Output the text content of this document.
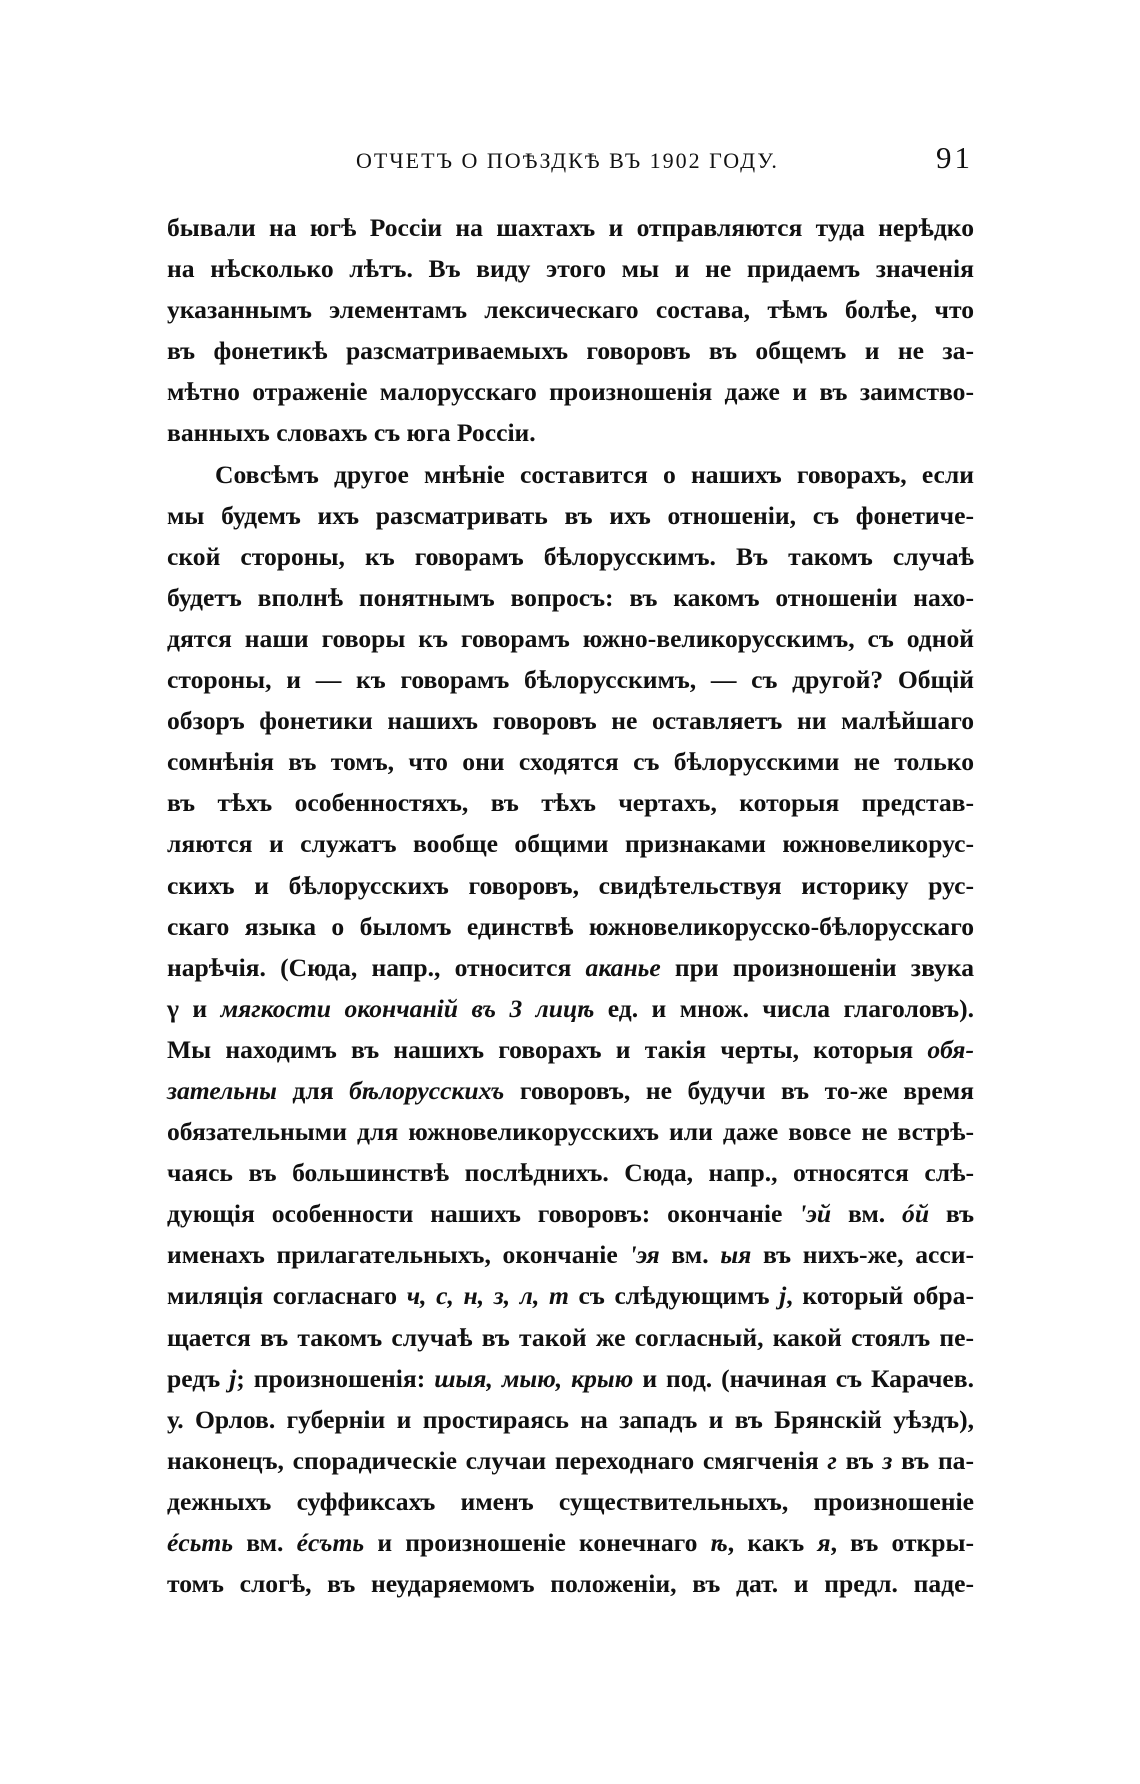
ОТЧЕТЪ О ПОѢЗДКѢ ВЪ 1902 ГОДУ.	91
бывали на югѣ Россiи на шахтахъ и отправляются туда нерѣдко
на нѣсколько лѣтъ. Въ виду этого мы и не придаемъ значенiя
указаннымъ элементамъ лексическаго состава, тѣмъ болѣе, что
въ фонетикѣ разсматриваемыхъ говоровъ въ общемъ и не за-
мѣтно отраженiе малорусскаго произношенiя даже и въ заимство-
ванныхъ словахъ съ юга Россiи.
Совсѣмъ другое мнѣнiе составится о нашихъ говорахъ, если
мы будемъ ихъ разсматривать въ ихъ отношенiи, съ фонетиче-
ской стороны, къ говорамъ бѣлорусскимъ. Въ такомъ случаѣ
будетъ вполнѣ понятнымъ вопросъ: въ какомъ отношенiи нахо-
дятся наши говоры къ говорамъ южно-великорусскимъ, съ одной
стороны, и — къ говорамъ бѣлорусскимъ, — съ другой? Общiй
обзоръ фонетики нашихъ говоровъ не оставляетъ ни малѣйшаго
сомнѣнiя въ томъ, что они сходятся съ бѣлорусскими не только
въ тѣхъ особенностяхъ, въ тѣхъ чертахъ, которыя представ-
ляются и служатъ вообще общими признаками южновеликорус-
скихъ и бѣлорусскихъ говоровъ, свидѣтельствуя историку рус-
скаго языка о быломъ единствѣ южновеликорусско-бѣлорусскаго
нарѣчiя. (Сюда, напр., относится аканье при произношенiи звука
γ и мягкости окончанiй въ 3 лицѣ ед. и множ. числа глаголовъ).
Мы находимъ въ нашихъ говорахъ и такiя черты, которыя обя-
зательны для бѣлорусскихъ говоровъ, не будучи въ то-же время
обязательными для южновеликорусскихъ или даже вовсе не встрѣ-
чаясь въ большинствѣ послѣднихъ. Сюда, напр., относятся слѣ-
дующiя особенности нашихъ говоровъ: окончанiе 'эй вм. óй въ
именахъ прилагательныхъ, окончанiе 'эя вм. ыя въ нихъ-же, асси-
миляцiя согласнаго ч, с, н, з, л, т съ слѣдующимъ j, который обра-
щается въ такомъ случаѣ въ такой же согласный, какой стоялъ пе-
редъ j; произношенiя: шыя, мыю, крыю и под. (начиная съ Карачев.
у. Орлов. губернiи и простираясь на западъ и въ Брянскiй уѣздъ),
наконецъ, спорадическiе случаи переходнаго смягченiя г въ з въ па-
дежныхъ суффиксахъ именъ существительныхъ, произношенiе
éсьть вм. éсъть и произношенiе конечнаго ѣ, какъ я, въ откры-
томъ слогѣ, въ неударяемомъ положенiи, въ дат. и предл. паде-
